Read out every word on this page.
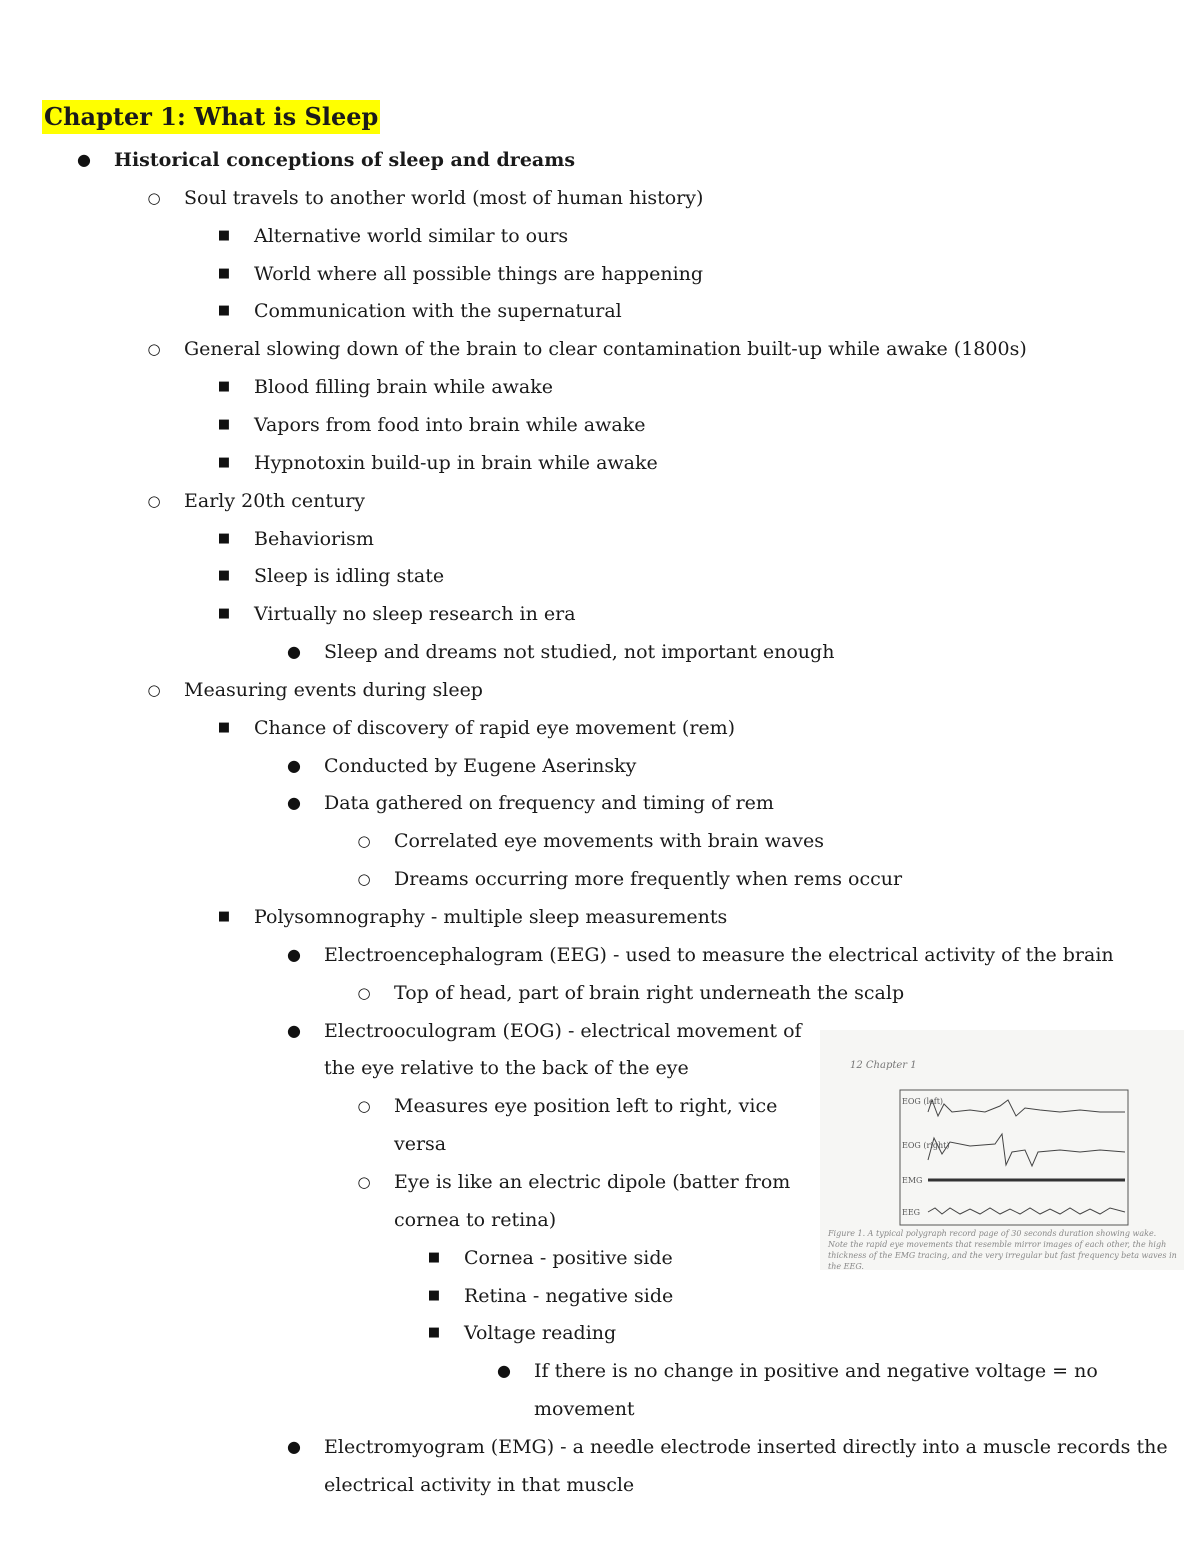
Chapter 1: What is Sleep
● Historical conceptions of sleep and dreams
○ Soul travels to another world (most of human history)
■ Alternative world similar to ours
■ World where all possible things are happening
■ Communication with the supernatural
○ General slowing down of the brain to clear contamination built-up while awake (1800s)
■ Blood filling brain while awake
■ Vapors from food into brain while awake
■ Hypnotoxin build-up in brain while awake
○ Early 20th century
■ Behaviorism
■ Sleep is idling state
■ Virtually no sleep research in era
● Sleep and dreams not studied, not important enough
○ Measuring events during sleep
■ Chance of discovery of rapid eye movement (rem)
● Conducted by Eugene Aserinsky
● Data gathered on frequency and timing of rem
○ Correlated eye movements with brain waves
○ Dreams occurring more frequently when rems occur
■ Polysomnography - multiple sleep measurements
● Electroencephalogram (EEG) - used to measure the electrical activity of the brain
○ Top of head, part of brain right underneath the scalp
● Electrooculogram (EOG) - electrical movement of
the eye relative to the back of the eye
○ Measures eye position left to right, vice
versa
○ Eye is like an electric dipole (batter from
cornea to retina)
■ Cornea - positive side
■ Retina - negative side
■ Voltage reading
● If there is no change in positive and negative voltage = no
movement
● Electromyogram (EMG) - a needle electrode inserted directly into a muscle records the
electrical activity in that muscle
12 Chapter 1
EOG (left)
EOG (right)
EMG
EEG
Figure 1. A typical polygraph record page of 30 seconds duration showing wake. Note the rapid eye movements that resemble mirror images of each other, the high thickness of the EMG tracing, and the very irregular but fast frequency beta waves in the EEG.
